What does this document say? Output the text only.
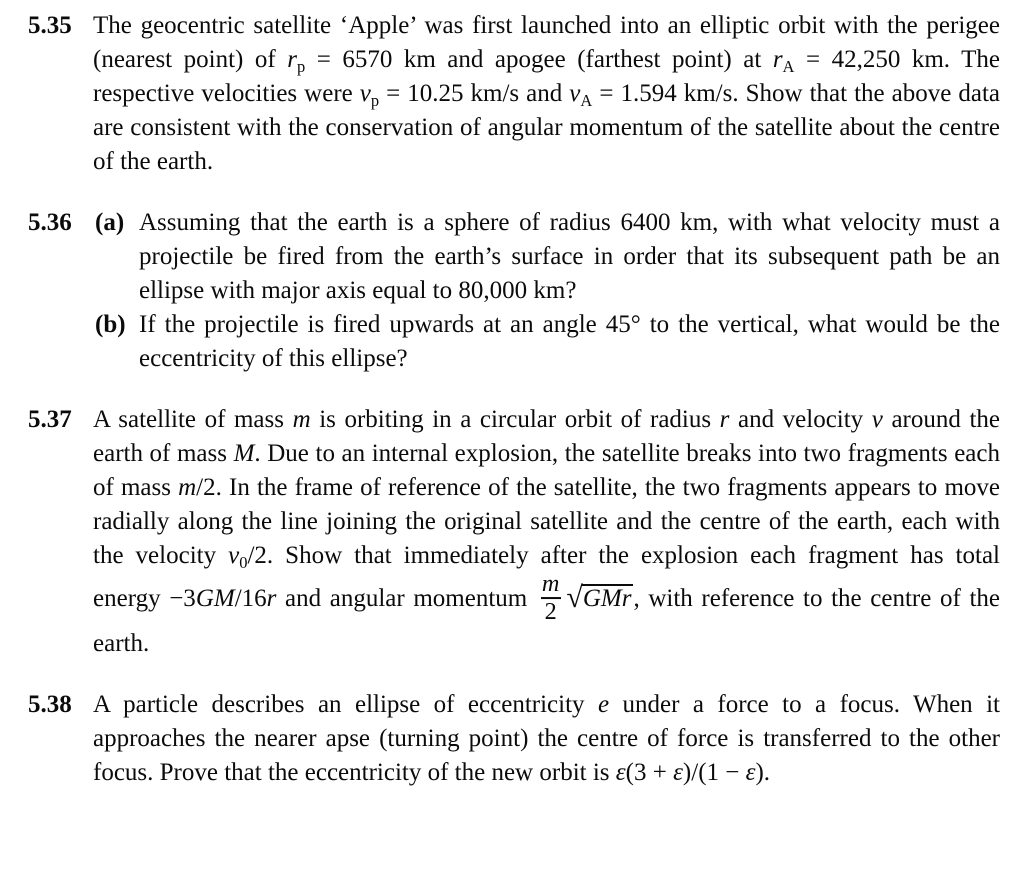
5.35 The geocentric satellite ‘Apple’ was first launched into an elliptic orbit with the perigee (nearest point) of $r_p = 6570$ km and apogee (farthest point) at $r_A = 42,250$ km. The respective velocities were $v_p = 10.25$ km/s and $v_A = 1.594$ km/s. Show that the above data are consistent with the conservation of angular momentum of the satellite about the centre of the earth.
5.36 (a) Assuming that the earth is a sphere of radius 6400 km, with what velocity must a projectile be fired from the earth’s surface in order that its subsequent path be an ellipse with major axis equal to 80,000 km?
(b) If the projectile is fired upwards at an angle 45° to the vertical, what would be the eccentricity of this ellipse?
5.37 A satellite of mass m is orbiting in a circular orbit of radius r and velocity v around the earth of mass M. Due to an internal explosion, the satellite breaks into two fragments each of mass m/2. In the frame of reference of the satellite, the two fragments appears to move radially along the line joining the original satellite and the centre of the earth, each with the velocity $v_0/2$. Show that immediately after the explosion each fragment has total energy −3GM/16r and angular momentum $\frac{m}{2} √GMr$, with reference to the centre of the earth.
5.38 A particle describes an ellipse of eccentricity e under a force to a focus. When it approaches the nearer apse (turning point) the centre of force is transferred to the other focus. Prove that the eccentricity of the new orbit is ε(3 + ε)/(1 − ε).
